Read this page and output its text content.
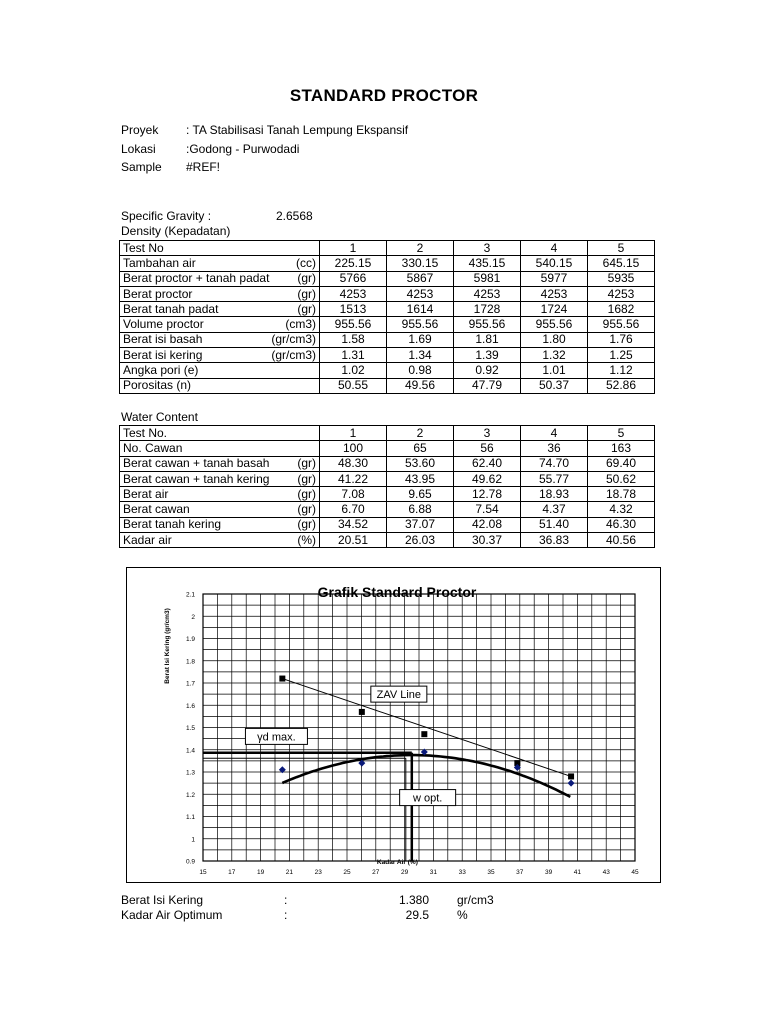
STANDARD PROCTOR
Proyek	: TA Stabilisasi Tanah Lempung Ekspansif
Lokasi	:Godong - Purwodadi
Sample	#REF!
Specific Gravity :	2.6568
Density (Kepadatan)
Test No	1	2	3	4	5

Tambahan air (cc)	225.15	330.15	435.15	540.15	645.15

Berat proctor + tanah padat (gr)	5766	5867	5981	5977	5935

Berat proctor (gr)	4253	4253	4253	4253	4253

Berat tanah padat (gr)	1513	1614	1728	1724	1682

Volume proctor (cm3)	955.56	955.56	955.56	955.56	955.56

Berat isi basah (gr/cm3)	1.58	1.69	1.81	1.80	1.76

Berat isi kering (gr/cm3)	1.31	1.34	1.39	1.32	1.25

Angka pori (e)	1.02	0.98	0.92	1.01	1.12

Porositas (n)	50.55	49.56	47.79	50.37	52.86
Water Content
Test No.	1	2	3	4	5

No. Cawan	100	65	56	36	163

Berat cawan + tanah basah (gr)	48.30	53.60	62.40	74.70	69.40

Berat cawan + tanah kering (gr)	41.22	43.95	49.62	55.77	50.62

Berat air (gr)	7.08	9.65	12.78	18.93	18.78

Berat cawan (gr)	6.70	6.88	7.54	4.37	4.32

Berat tanah kering (gr)	34.52	37.07	42.08	51.40	46.30

Kadar air (%)	20.51	26.03	30.37	36.83	40.56
15	17	19	21	23	25	27	29	31	33	35	37	39	41	43	45
0.9
1
1.1
1.2
1.3
1.4
1.5
1.6
1.7
1.8
1.9
2
2.1	Grafik Standard Proctor
Kadar Air (%)
Berat Isi Kering (gr/cm3)
ZAV Line
γd max.
w opt.
Berat Isi Kering	:	1.380 gr/cm3
Kadar Air Optimum	:	29.5 %
